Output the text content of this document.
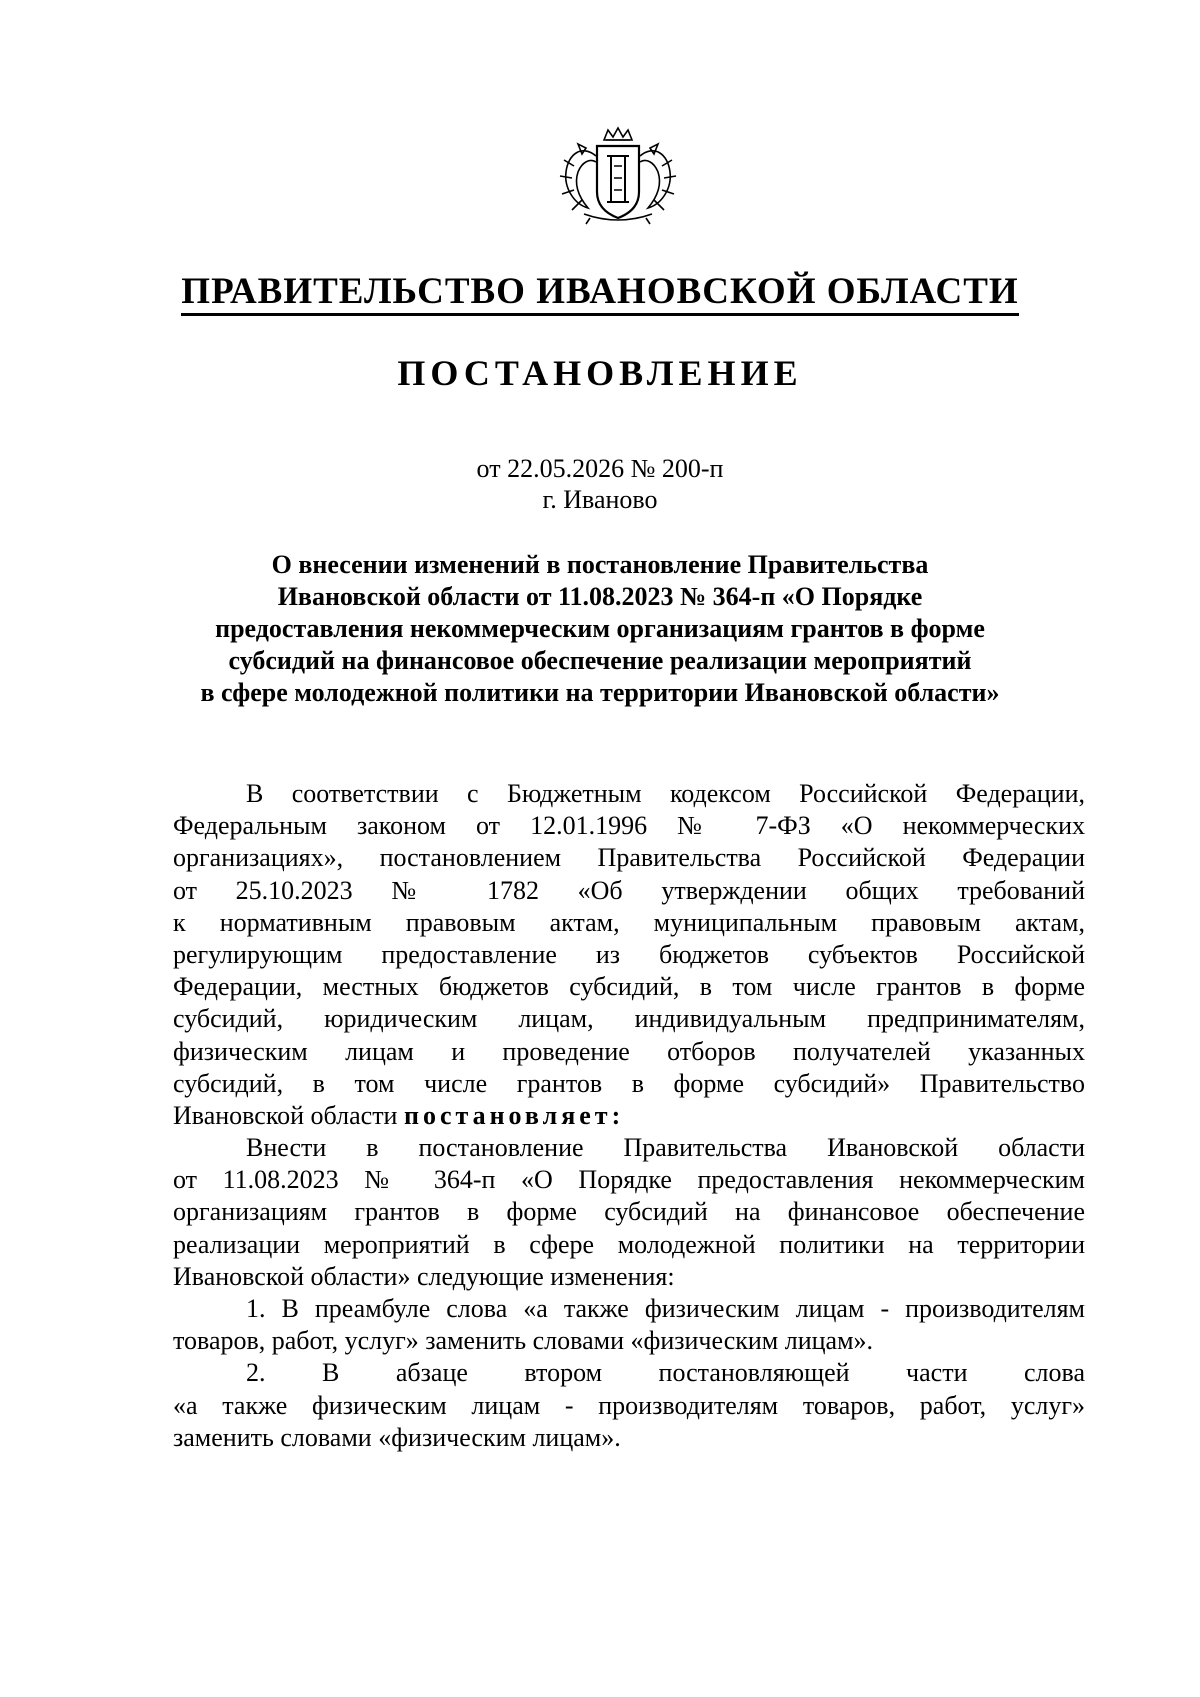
ПРАВИТЕЛЬСТВО ИВАНОВСКОЙ ОБЛАСТИ
ПОСТАНОВЛЕНИЕ
от 22.05.2026 № 200-п
г. Иваново
О внесении изменений в постановление Правительства
Ивановской области от 11.08.2023 № 364-п «О Порядке
предоставления некоммерческим организациям грантов в форме
субсидий на финансовое обеспечение реализации мероприятий
в сфере молодежной политики на территории Ивановской области»
В соответствии с Бюджетным кодексом Российской Федерации,
Федеральным законом от 12.01.1996 № 7-ФЗ «О некоммерческих
организациях», постановлением Правительства Российской Федерации
от 25.10.2023 № 1782 «Об утверждении общих требований
к нормативным правовым актам, муниципальным правовым актам,
регулирующим предоставление из бюджетов субъектов Российской
Федерации, местных бюджетов субсидий, в том числе грантов в форме
субсидий, юридическим лицам, индивидуальным предпринимателям,
физическим лицам и проведение отборов получателей указанных
субсидий, в том числе грантов в форме субсидий» Правительство
Ивановской области постановляет:
Внести в постановление Правительства Ивановской области
от 11.08.2023 № 364-п «О Порядке предоставления некоммерческим
организациям грантов в форме субсидий на финансовое обеспечение
реализации мероприятий в сфере молодежной политики на территории
Ивановской области» следующие изменения:
1. В преамбуле слова «а также физическим лицам - производителям
товаров, работ, услуг» заменить словами «физическим лицам».
2. В абзаце втором постановляющей части слова
«а также физическим лицам - производителям товаров, работ, услуг»
заменить словами «физическим лицам».
